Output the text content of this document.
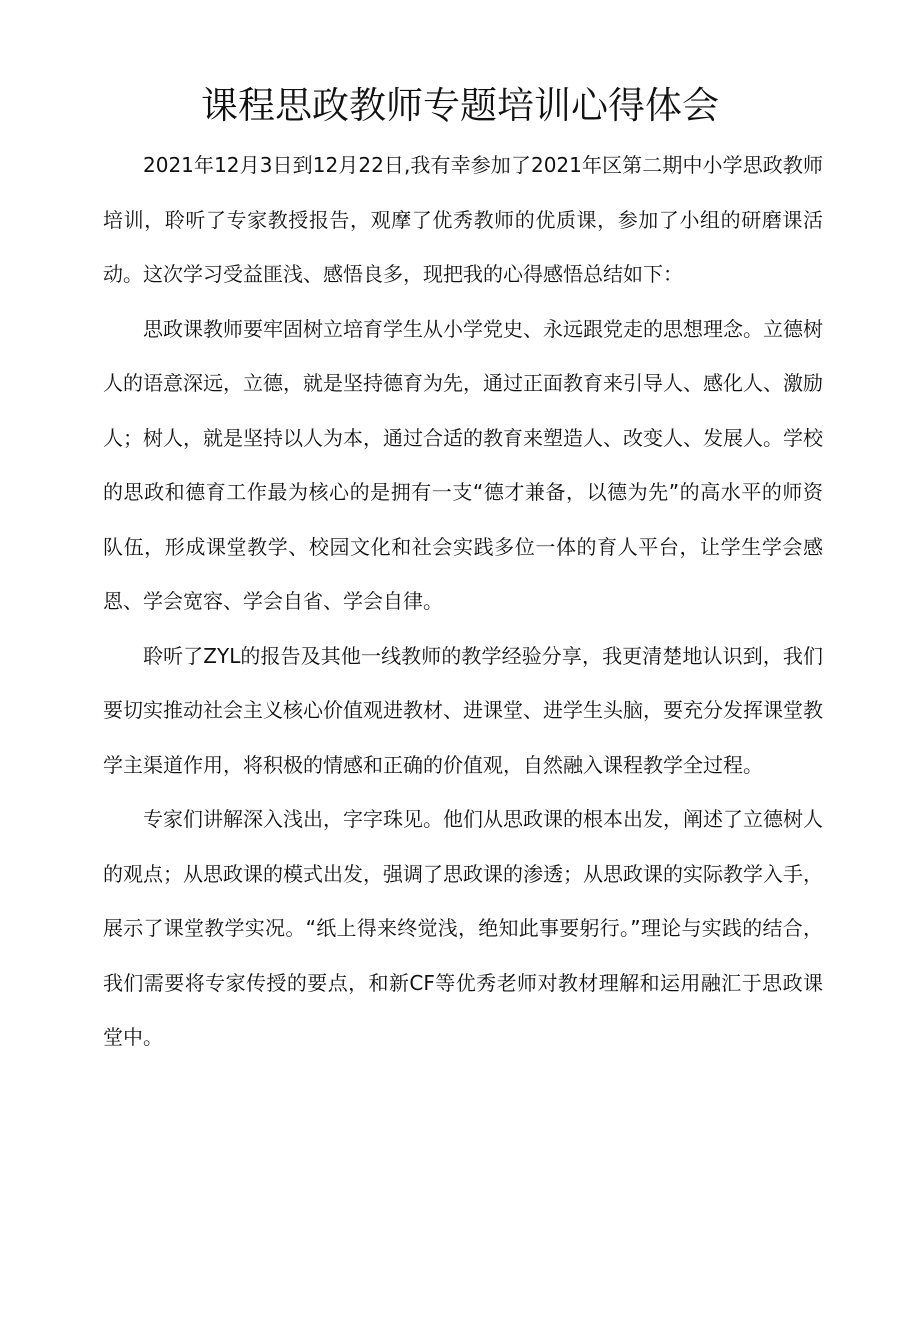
课程思政教师专题培训心得体会

2021年12月3日到12月22日,我有幸参加了2021年区第二期中小学思政教师培训，聆听了专家教授报告，观摩了优秀教师的优质课，参加了小组的研磨课活动。这次学习受益匪浅、感悟良多，现把我的心得感悟总结如下：

思政课教师要牢固树立培育学生从小学党史、永远跟党走的思想理念。立德树人的语意深远，立德，就是坚持德育为先，通过正面教育来引导人、感化人、激励人；树人，就是坚持以人为本，通过合适的教育来塑造人、改变人、发展人。学校的思政和德育工作最为核心的是拥有一支“德才兼备，以德为先”的高水平的师资队伍，形成课堂教学、校园文化和社会实践多位一体的育人平台，让学生学会感恩、学会宽容、学会自省、学会自律。

聆听了ZYL的报告及其他一线教师的教学经验分享，我更清楚地认识到，我们要切实推动社会主义核心价值观进教材、进课堂、进学生头脑，要充分发挥课堂教学主渠道作用，将积极的情感和正确的价值观，自然融入课程教学全过程。

专家们讲解深入浅出，字字珠见。他们从思政课的根本出发，阐述了立德树人的观点；从思政课的模式出发，强调了思政课的渗透；从思政课的实际教学入手，展示了课堂教学实况。“纸上得来终觉浅，绝知此事要躬行。”理论与实践的结合，我们需要将专家传授的要点，和新CF等优秀老师对教材理解和运用融汇于思政课堂中。
